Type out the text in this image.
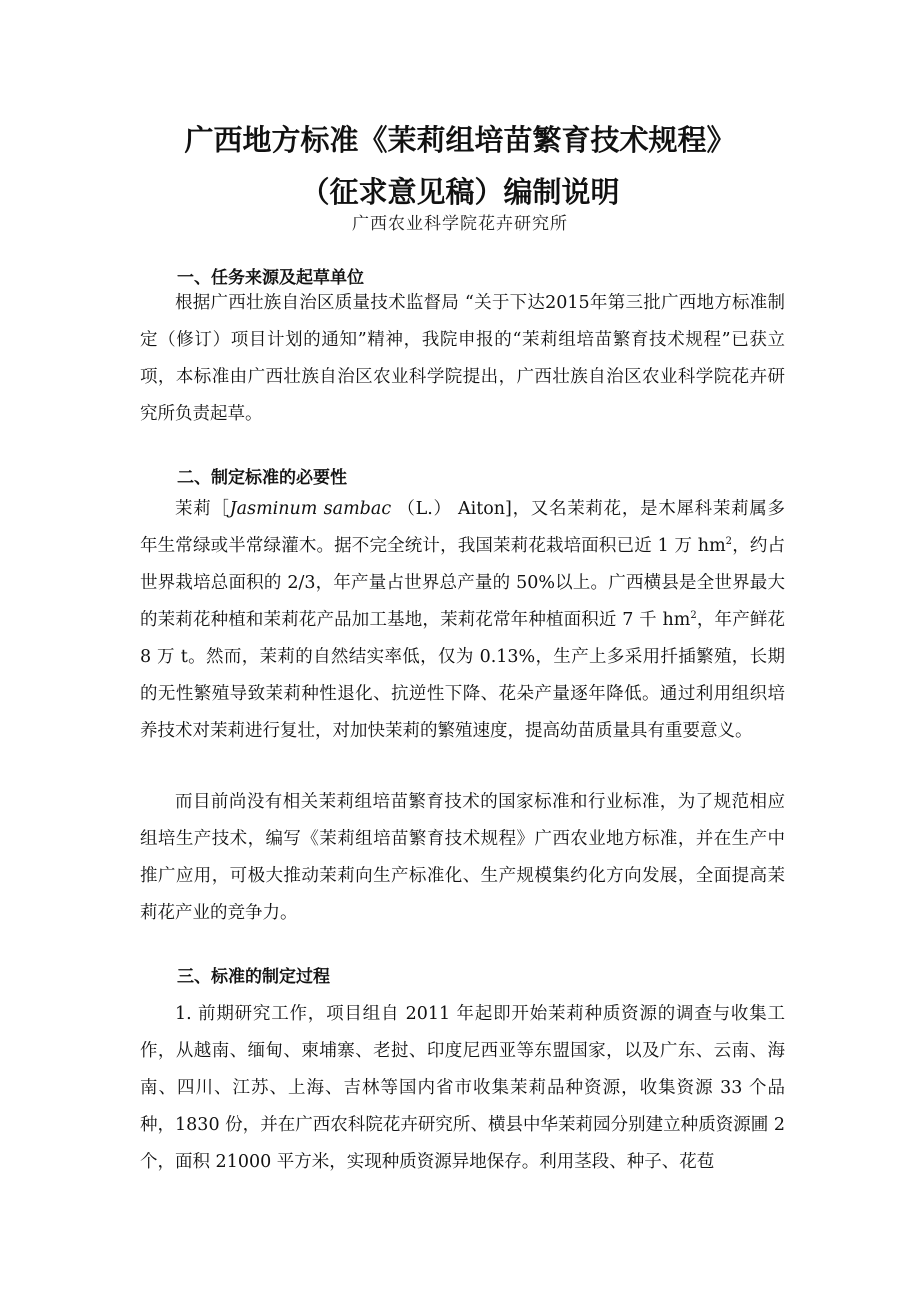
广西地方标准《茉莉组培苗繁育技术规程》
（征求意见稿）编制说明
广西农业科学院花卉研究所
一、任务来源及起草单位

根据广西壮族自治区质量技术监督局 “关于下达2015年第三批广西地方标准制定（修订）项目计划的通知”精神，我院申报的“茉莉组培苗繁育技术规程”已获立项，本标准由广西壮族自治区农业科学院提出，广西壮族自治区农业科学院花卉研究所负责起草。

二、制定标准的必要性

茉莉［Jasminum sambac （L.） Aiton]，又名茉莉花，是木犀科茉莉属多年生常绿或半常绿灌木。据不完全统计，我国茉莉花栽培面积已近 1 万 $hm^2$，约占世界栽培总面积的 2/3，年产量占世界总产量的 50%以上。广西横县是全世界最大的茉莉花种植和茉莉花产品加工基地，茉莉花常年种植面积近 7 千 $hm^2$，年产鲜花 8 万 t。然而，茉莉的自然结实率低，仅为 0.13%，生产上多采用扦插繁殖，长期的无性繁殖导致茉莉种性退化、抗逆性下降、花朵产量逐年降低。通过利用组织培养技术对茉莉进行复壮，对加快茉莉的繁殖速度，提高幼苗质量具有重要意义。

而目前尚没有相关茉莉组培苗繁育技术的国家标准和行业标准，为了规范相应组培生产技术，编写《茉莉组培苗繁育技术规程》广西农业地方标准，并在生产中推广应用，可极大推动茉莉向生产标准化、生产规模集约化方向发展，全面提高茉莉花产业的竞争力。

三、标准的制定过程

1. 前期研究工作，项目组自 2011 年起即开始茉莉种质资源的调查与收集工作，从越南、缅甸、柬埔寨、老挝、印度尼西亚等东盟国家，以及广东、云南、海南、四川、江苏、上海、吉林等国内省市收集茉莉品种资源，收集资源 33 个品种，1830 份，并在广西农科院花卉研究所、横县中华茉莉园分别建立种质资源圃 2 个，面积 21000 平方米，实现种质资源异地保存。利用茎段、种子、花苞
